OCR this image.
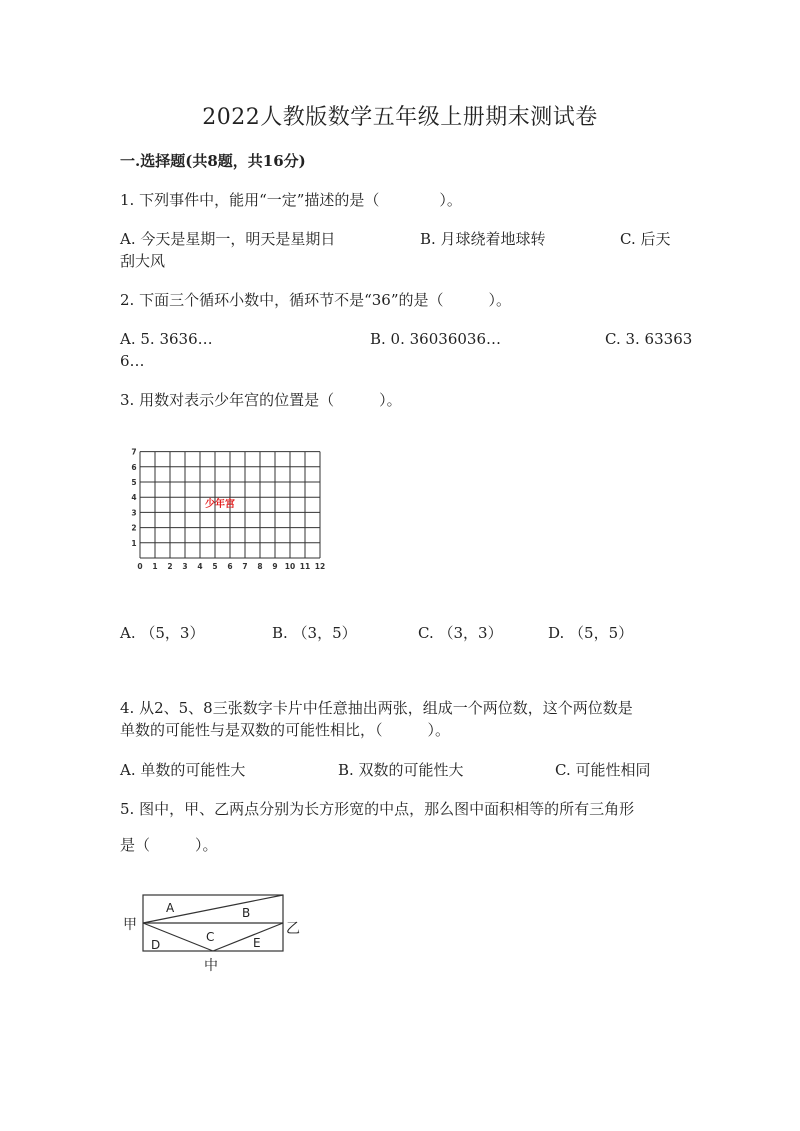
2022人教版数学五年级上册期末测试卷
一.选择题(共8题，共16分)
1. 下列事件中，能用“一定”描述的是（　　　　）。
A. 今天是星期一，明天是星期日	B. 月球绕着地球转	C. 后天
刮大风
2. 下面三个循环小数中，循环节不是“36”的是（　　　）。
A. 5. 3636…	B. 0. 36036036…	C. 3. 63363
6…
3. 用数对表示少年宫的位置是（　　　）。
0 1 2 3 4 5 6 7 8 9 10 11 12
1
2
3
4
5
6
7
少年宫
A. （5，3）	B. （3，5）	C. （3，3）	D. （5，5）
4. 从2、5、8三张数字卡片中任意抽出两张，组成一个两位数，这个两位数是
单数的可能性与是双数的可能性相比，（　　　）。
A. 单数的可能性大	B. 双数的可能性大	C. 可能性相同
5. 图中，甲、乙两点分别为长方形宽的中点，那么图中面积相等的所有三角形
是（　　　）。
A	B
C
D	E
甲	乙
中
